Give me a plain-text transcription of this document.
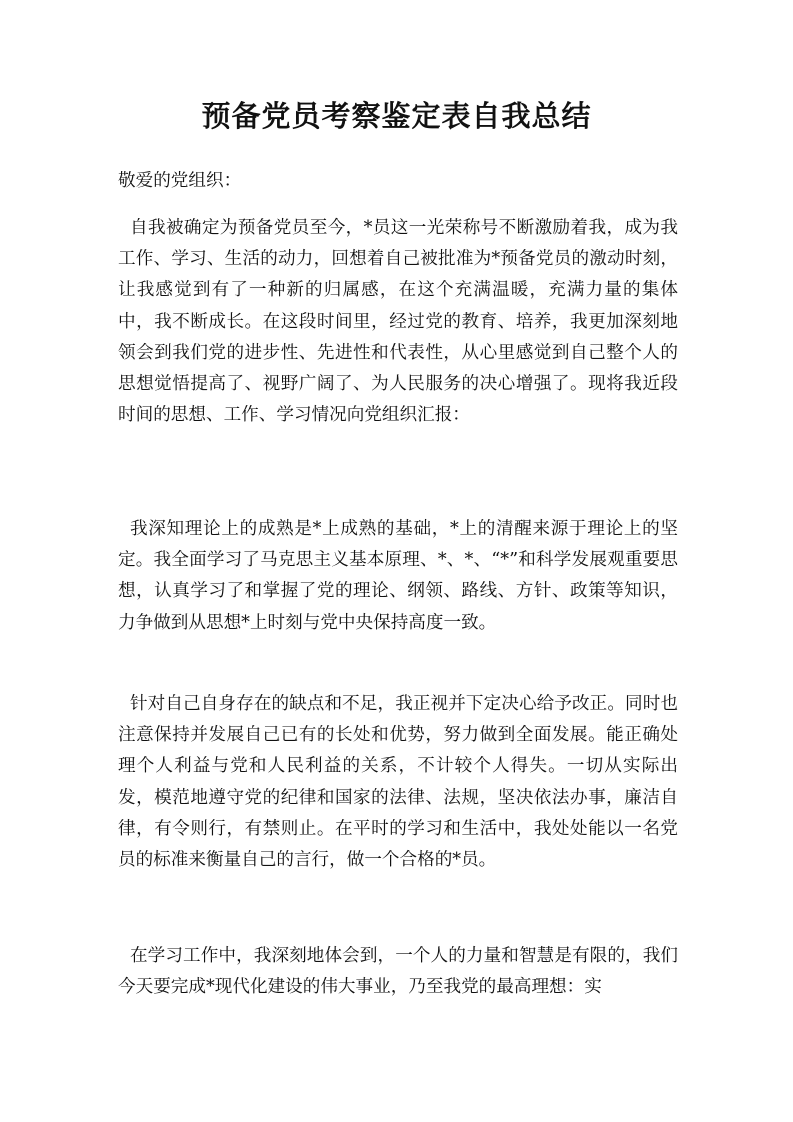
预备党员考察鉴定表自我总结

敬爱的党组织：

自我被确定为预备党员至今，*员这一光荣称号不断激励着我，成为我工作、学习、生活的动力，回想着自己被批准为*预备党员的激动时刻，让我感觉到有了一种新的归属感，在这个充满温暖，充满力量的集体中，我不断成长。在这段时间里，经过党的教育、培养，我更加深刻地领会到我们党的进步性、先进性和代表性，从心里感觉到自己整个人的思想觉悟提高了、视野广阔了、为人民服务的决心增强了。现将我近段时间的思想、工作、学习情况向党组织汇报：

我深知理论上的成熟是*上成熟的基础，*上的清醒来源于理论上的坚定。我全面学习了马克思主义基本原理、*、*、“*”和科学发展观重要思想，认真学习了和掌握了党的理论、纲领、路线、方针、政策等知识，力争做到从思想*上时刻与党中央保持高度一致。

针对自己自身存在的缺点和不足，我正视并下定决心给予改正。同时也注意保持并发展自己已有的长处和优势，努力做到全面发展。能正确处理个人利益与党和人民利益的关系，不计较个人得失。一切从实际出发，模范地遵守党的纪律和国家的法律、法规，坚决依法办事，廉洁自律，有令则行，有禁则止。在平时的学习和生活中，我处处能以一名党员的标准来衡量自己的言行，做一个合格的*员。

在学习工作中，我深刻地体会到，一个人的力量和智慧是有限的，我们今天要完成*现代化建设的伟大事业，乃至我党的最高理想：实
